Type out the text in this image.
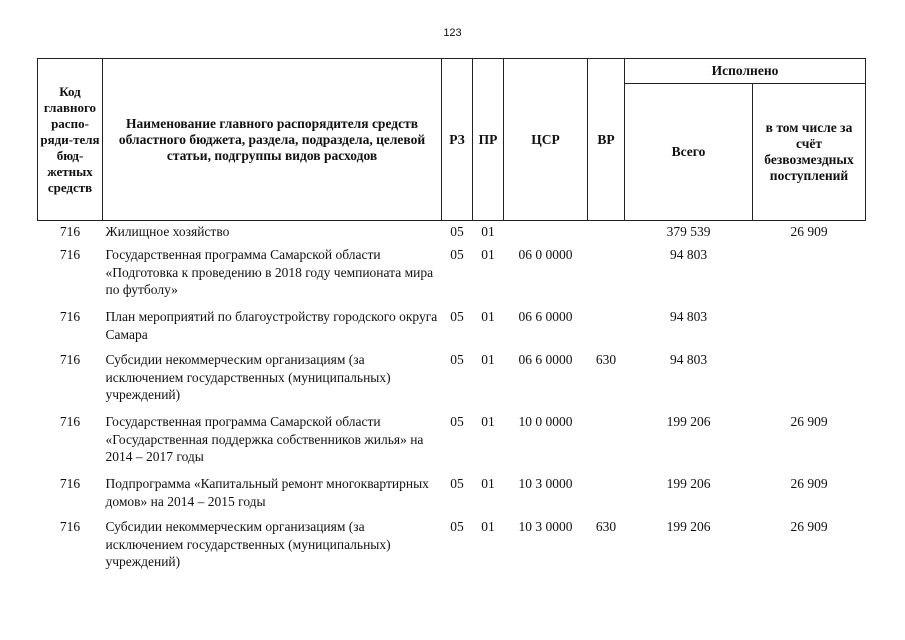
123
Код главного распо-ряди-теля бюд-жетных средств	Наименование главного распорядителя средств областного бюджета, раздела, подраздела, целевой статьи, подгруппы видов расходов	РЗ	ПР	ЦСР	ВР	Исполнено	
						Всего	в том числе за счёт безвозмездных поступлений
716	Жилищное хозяйство	05	01			379 539	26 909
716	Государственная программа Самарской области «Подготовка к проведению в 2018 году чемпионата мира по футболу»	05	01	06 0 0000		94 803	
716	План мероприятий по благоустройству городского округа Самара	05	01	06 6 0000		94 803	
716	Субсидии некоммерческим организациям (за исключением государственных (муниципальных) учреждений)	05	01	06 6 0000	630	94 803	
716	Государственная программа Самарской области «Государственная поддержка собственников жилья» на 2014 – 2017 годы	05	01	10 0 0000		199 206	26 909
716	Подпрограмма «Капитальный ремонт многоквартирных домов» на 2014 – 2015 годы	05	01	10 3 0000		199 206	26 909
716	Субсидии некоммерческим организациям (за исключением государственных (муниципальных) учреждений)	05	01	10 3 0000	630	199 206	26 909
